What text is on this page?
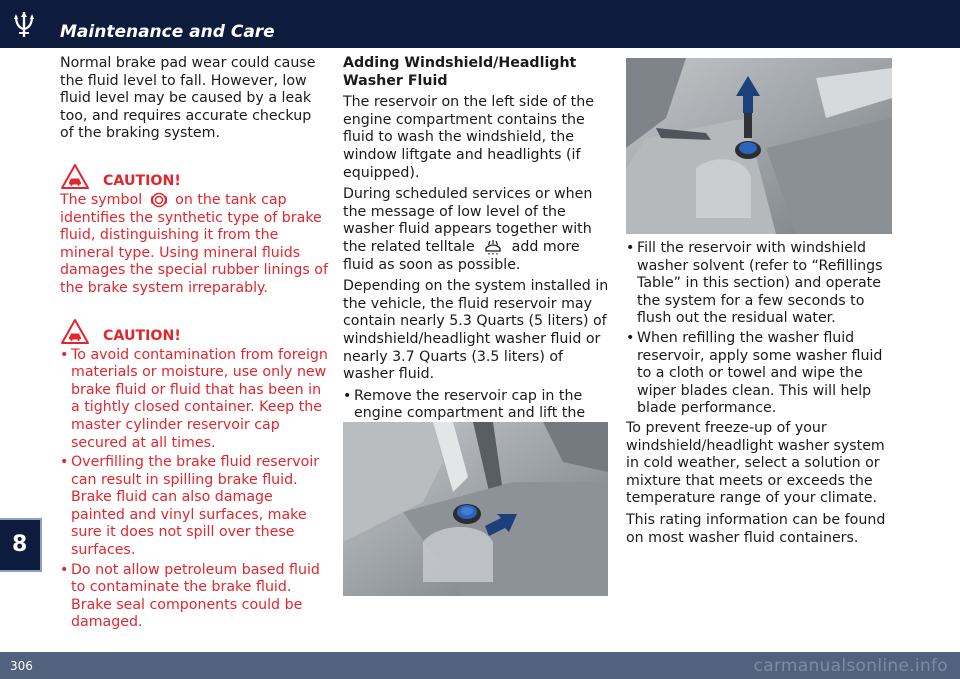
Maintenance and Care
8

Normal brake pad wear could cause the fluid level to fall. However, low fluid level may be caused by a leak too, and requires accurate checkup of the braking system.

CAUTION!

The symbol on the tank cap identifies the synthetic type of brake fluid, distinguishing it from the mineral type. Using mineral fluids damages the special rubber linings of the brake system irreparably.

CAUTION!
• To avoid contamination from foreign materials or moisture, use only new brake fluid or fluid that has been in a tightly closed container. Keep the master cylinder reservoir cap secured at all times.
• Overfilling the brake fluid reservoir can result in spilling brake fluid. Brake fluid can also damage painted and vinyl surfaces, make sure it does not spill over these surfaces.
• Do not allow petroleum based fluid to contaminate the brake fluid. Brake seal components could be damaged.

Adding Windshield/Headlight Washer Fluid

The reservoir on the left side of the engine compartment contains the fluid to wash the windshield, the window liftgate and headlights (if equipped).

During scheduled services or when the message of low level of the washer fluid appears together with the related telltale	add more fluid as soon as possible.

Depending on the system installed in the vehicle, the fluid reservoir may contain nearly 5.3 Quarts (5 liters) of windshield/headlight washer fluid or nearly 3.7 Quarts (3.5 liters) of washer fluid.

• Remove the reservoir cap in the engine compartment and lift the
• Fill the reservoir with windshield washer solvent (refer to “Refillings Table” in this section) and operate the system for a few seconds to flush out the residual water.
• When refilling the washer fluid reservoir, apply some washer fluid to a cloth or towel and wipe the wiper blades clean. This will help blade performance.

To prevent freeze-up of your windshield/headlight washer system in cold weather, select a solution or mixture that meets or exceeds the temperature range of your climate.

This rating information can be found on most washer fluid containers.

306	carmanualsonline.info
